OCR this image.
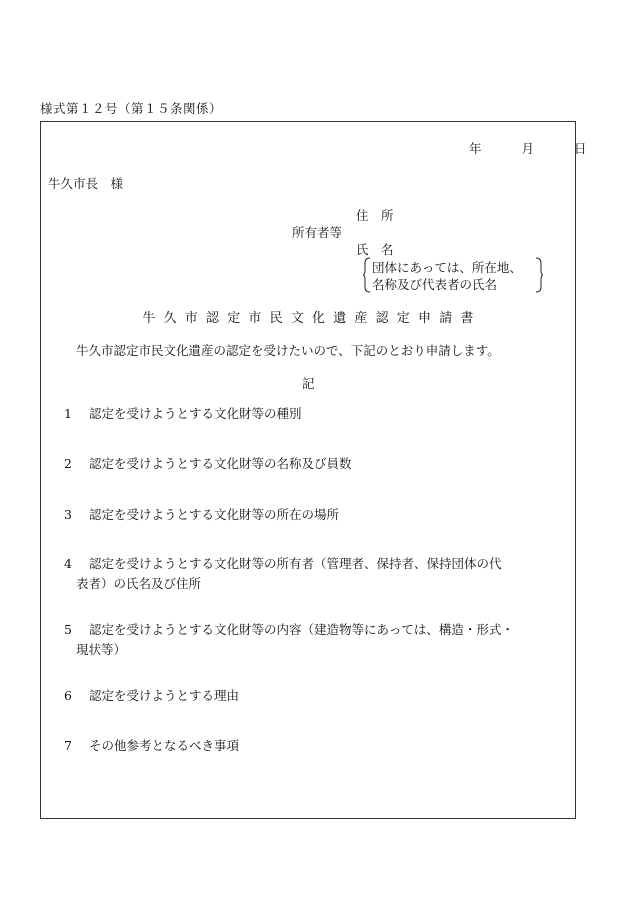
様式第１２号（第１５条関係）
年	月	日
牛久市長　様
住　所
所有者等
氏　名
団体にあっては、所在地、
名称及び代表者の氏名
牛久市認定市民文化遺産認定申請書
牛久市認定市民文化遺産の認定を受けたいので、下記のとおり申請します。
記
1 認定を受けようとする文化財等の種別
2 認定を受けようとする文化財等の名称及び員数
3 認定を受けようとする文化財等の所在の場所
4 認定を受けようとする文化財等の所有者（管理者、保持者、保持団体の代
表者）の氏名及び住所
5 認定を受けようとする文化財等の内容（建造物等にあっては、構造・形式・
現状等）
6 認定を受けようとする理由
7 その他参考となるべき事項
